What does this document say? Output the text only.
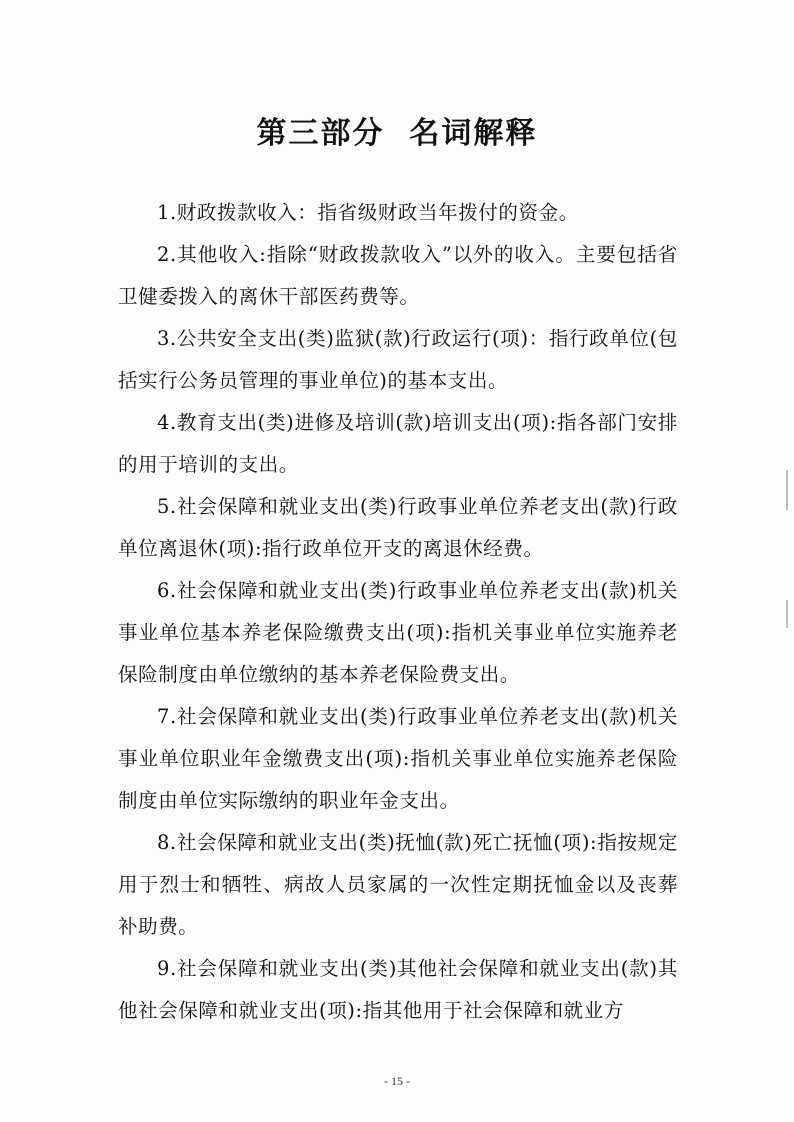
第三部分  名词解释

1.财政拨款收入：指省级财政当年拨付的资金。

2.其他收入:指除“财政拨款收入”以外的收入。主要包括省卫健委拨入的离休干部医药费等。

3.公共安全支出(类)监狱(款)行政运行(项)：指行政单位(包括实行公务员管理的事业单位)的基本支出。

4.教育支出(类)进修及培训(款)培训支出(项):指各部门安排的用于培训的支出。

5.社会保障和就业支出(类)行政事业单位养老支出(款)行政单位离退休(项):指行政单位开支的离退休经费。

6.社会保障和就业支出(类)行政事业单位养老支出(款)机关事业单位基本养老保险缴费支出(项):指机关事业单位实施养老保险制度由单位缴纳的基本养老保险费支出。

7.社会保障和就业支出(类)行政事业单位养老支出(款)机关事业单位职业年金缴费支出(项):指机关事业单位实施养老保险制度由单位实际缴纳的职业年金支出。

8.社会保障和就业支出(类)抚恤(款)死亡抚恤(项):指按规定用于烈士和牺牲、病故人员家属的一次性定期抚恤金以及丧葬补助费。

9.社会保障和就业支出(类)其他社会保障和就业支出(款)其他社会保障和就业支出(项):指其他用于社会保障和就业方

- 15 -
